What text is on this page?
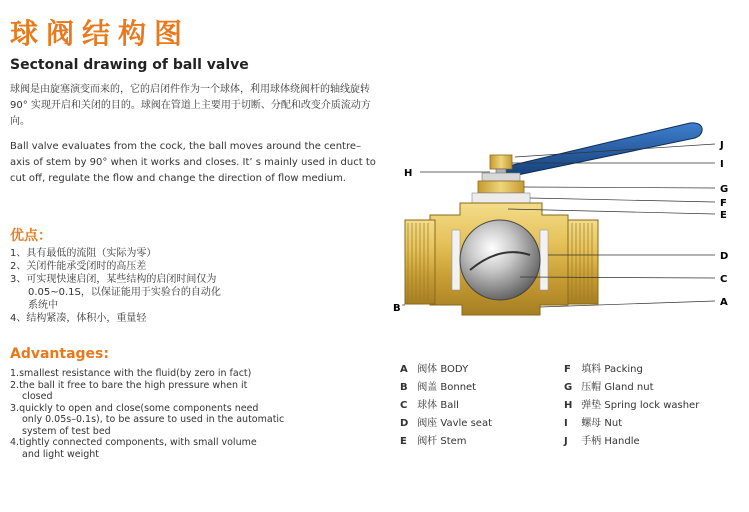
球阀结构图
Sectonal drawing of ball valve
球阀是由旋塞演变而来的，它的启闭件作为一个球体，利用球体绕阀杆的轴线旋转90° 实现开启和关闭的目的。球阀在管道上主要用于切断、分配和改变介质流动方向。
Ball valve evaluates from the cock, the ball moves around the centre–axis of stem by 90° when it works and closes. It’ s mainly used in duct to cut off, regulate the flow and change the direction of flow medium.
优点：
1、具有最低的流阻（实际为零）
2、关闭件能承受闭时的高压差
3、可实现快速启闭，某些结构的启闭时间仅为
0.05~0.1S，以保证能用于实验台的自动化
系统中
4、结构紧凑，体积小，重量轻
Advantages:
1.smallest resistance with the fluid(by zero in fact)
2.the ball it free to bare the high pressure when it
closed
3.quickly to open and close(some components need
only 0.05s–0.1s), to be assure to used in the automatic
system of test bed
4.tightly connected components, with small volume
and light weight
H
J
I
G
F
E
D
C
A
B
A 阀体 BODY
B 阀盖 Bonnet
C 球体 Ball
D 阀座 Vavle seat
E 阀杆 Stem
F 填料 Packing
G 压帽 Gland nut
H 弹垫 Spring lock washer
I 螺母 Nut
J 手柄 Handle
